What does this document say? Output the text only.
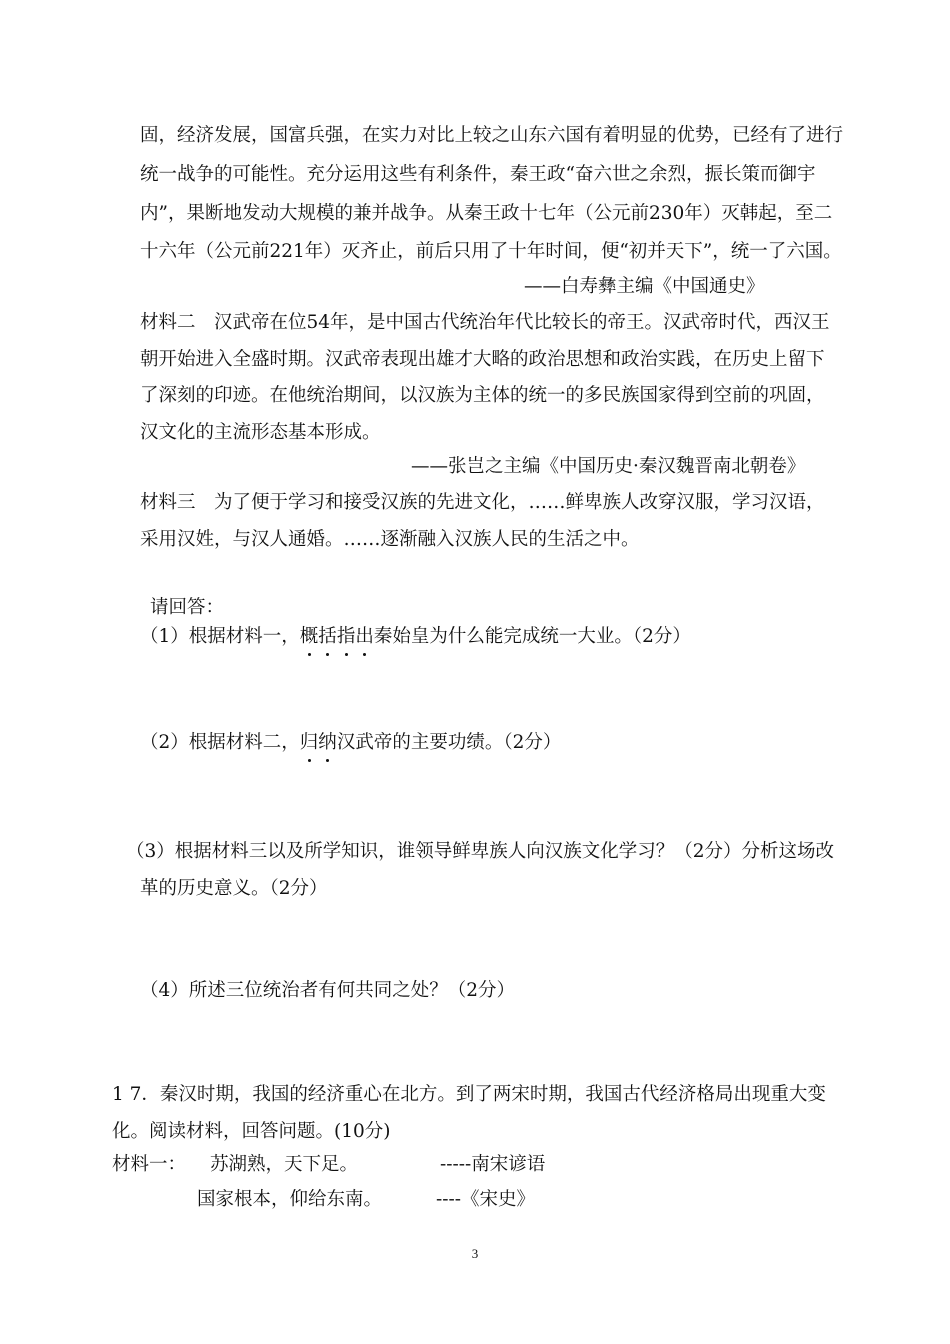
固，经济发展，国富兵强，在实力对比上较之山东六国有着明显的优势，已经有了进行
统一战争的可能性。充分运用这些有利条件，秦王政“奋六世之余烈，振长策而御宇
内”，果断地发动大规模的兼并战争。从秦王政十七年（公元前230年）灭韩起，至二
十六年（公元前221年）灭齐止，前后只用了十年时间，便“初并天下”，统一了六国。
——白寿彝主编《中国通史》
材料二　汉武帝在位54年，是中国古代统治年代比较长的帝王。汉武帝时代，西汉王
朝开始进入全盛时期。汉武帝表现出雄才大略的政治思想和政治实践，在历史上留下
了深刻的印迹。在他统治期间，以汉族为主体的统一的多民族国家得到空前的巩固，
汉文化的主流形态基本形成。
——张岂之主编《中国历史·秦汉魏晋南北朝卷》
材料三　为了便于学习和接受汉族的先进文化，……鲜卑族人改穿汉服，学习汉语，
采用汉姓，与汉人通婚。……逐渐融入汉族人民的生活之中。
请回答：
（1）根据材料一，概括指出秦始皇为什么能完成统一大业。（2分）
（2）根据材料二，归纳汉武帝的主要功绩。（2分）
（3）根据材料三以及所学知识，谁领导鲜卑族人向汉族文化学习？（2分）分析这场改
革的历史意义。（2分）
（4）所述三位统治者有何共同之处？（2分）
1 7．秦汉时期，我国的经济重心在北方。到了两宋时期，我国古代经济格局出现重大变
化。阅读材料，回答问题。(10分)
材料一： 苏湖熟，天下足。	-----南宋谚语
国家根本，仰给东南。	----《宋史》
3
